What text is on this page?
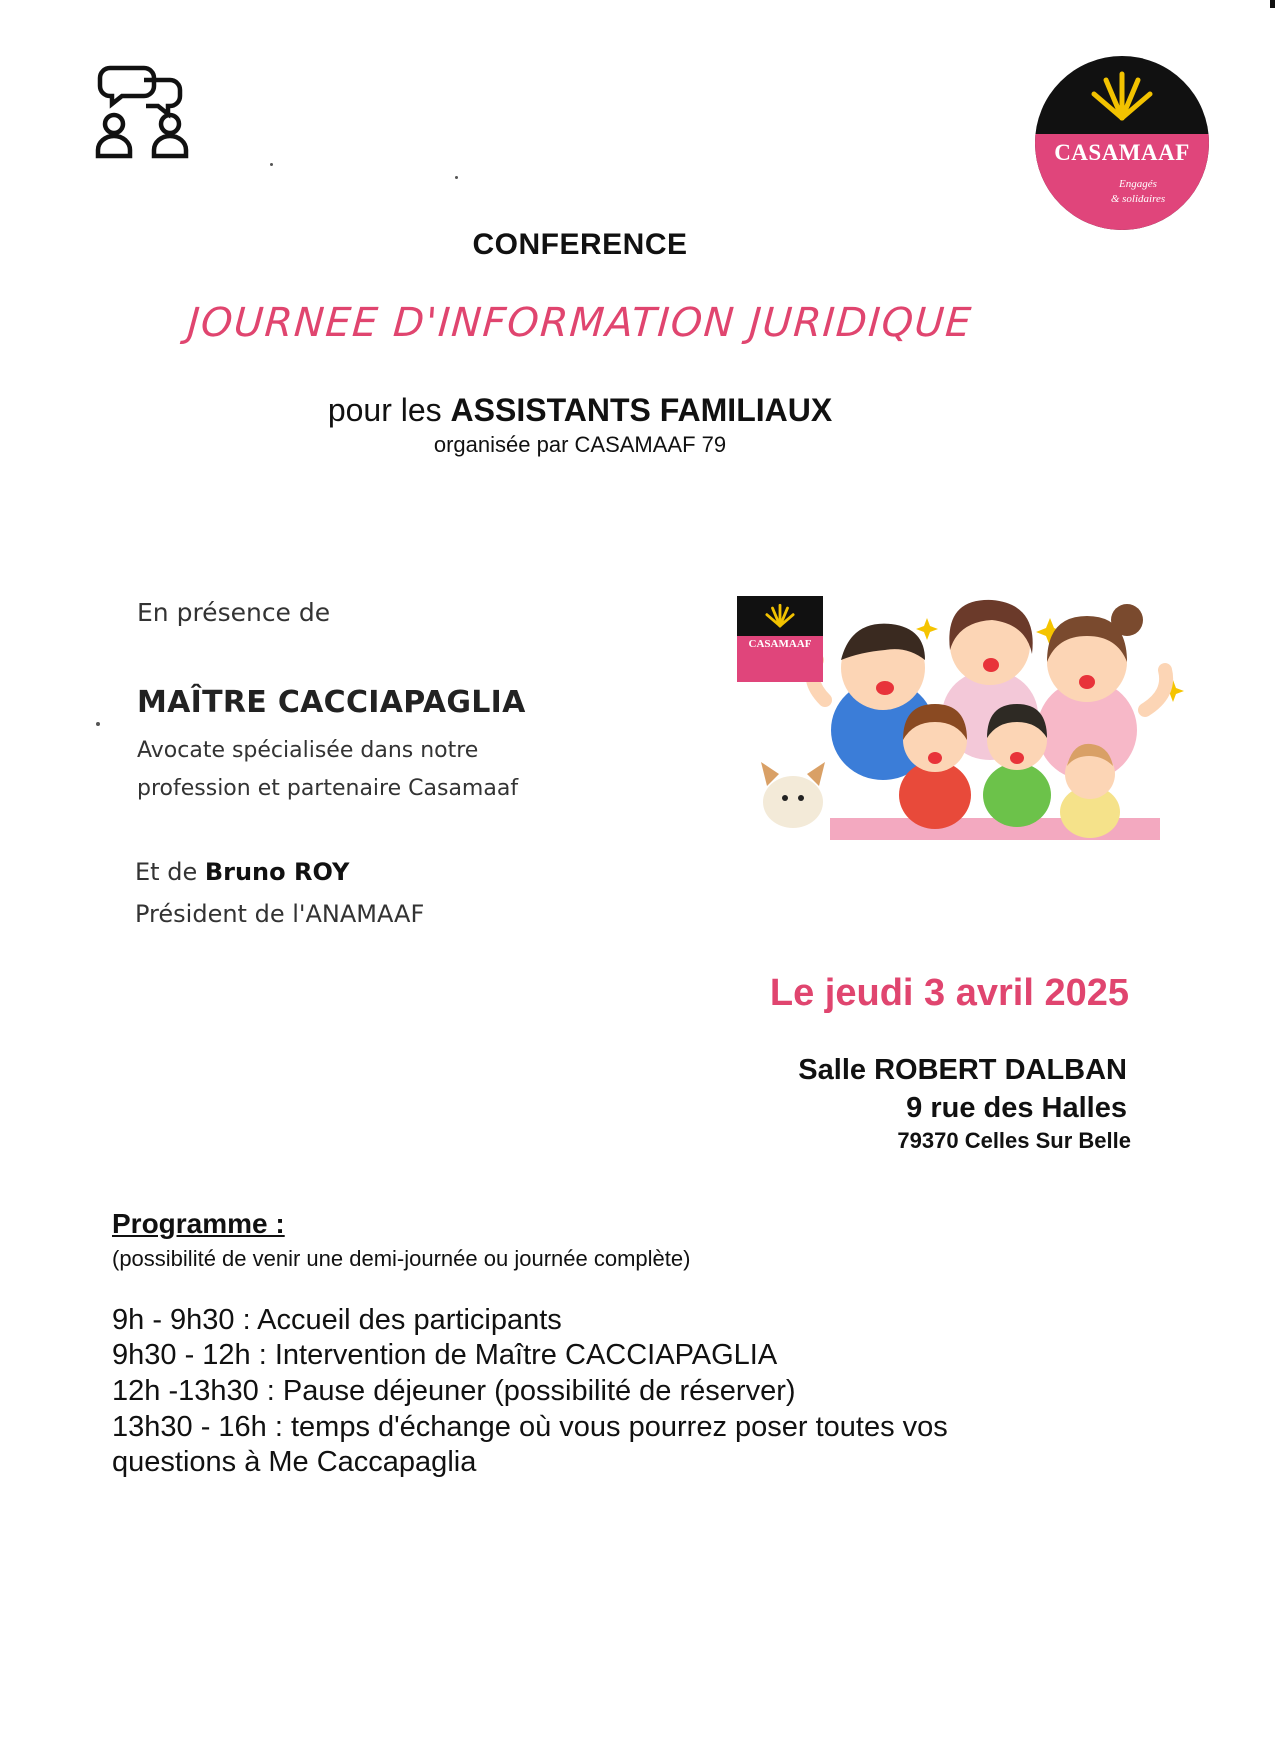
CASAMAAF
Engagés
& solidaires
CONFERENCE
JOURNEE D'INFORMATION JURIDIQUE
pour les ASSISTANTS FAMILIAUX
organisée par CASAMAAF 79
En présence de
MAÎTRE CACCIAPAGLIA
Avocate spécialisée dans notre
profession et partenaire Casamaaf
Et de Bruno ROY
Président de l'ANAMAAF
CASAMAAF
Le jeudi 3 avril 2025
Salle ROBERT DALBAN
9 rue des Halles
79370 Celles Sur Belle
Programme :
(possibilité de venir une demi-journée ou journée complète)
9h - 9h30 : Accueil des participants
9h30 - 12h : Intervention de Maître CACCIAPAGLIA
12h -13h30 : Pause déjeuner (possibilité de réserver)
13h30 - 16h : temps d'échange où vous pourrez poser toutes vos
questions à Me Caccapaglia
